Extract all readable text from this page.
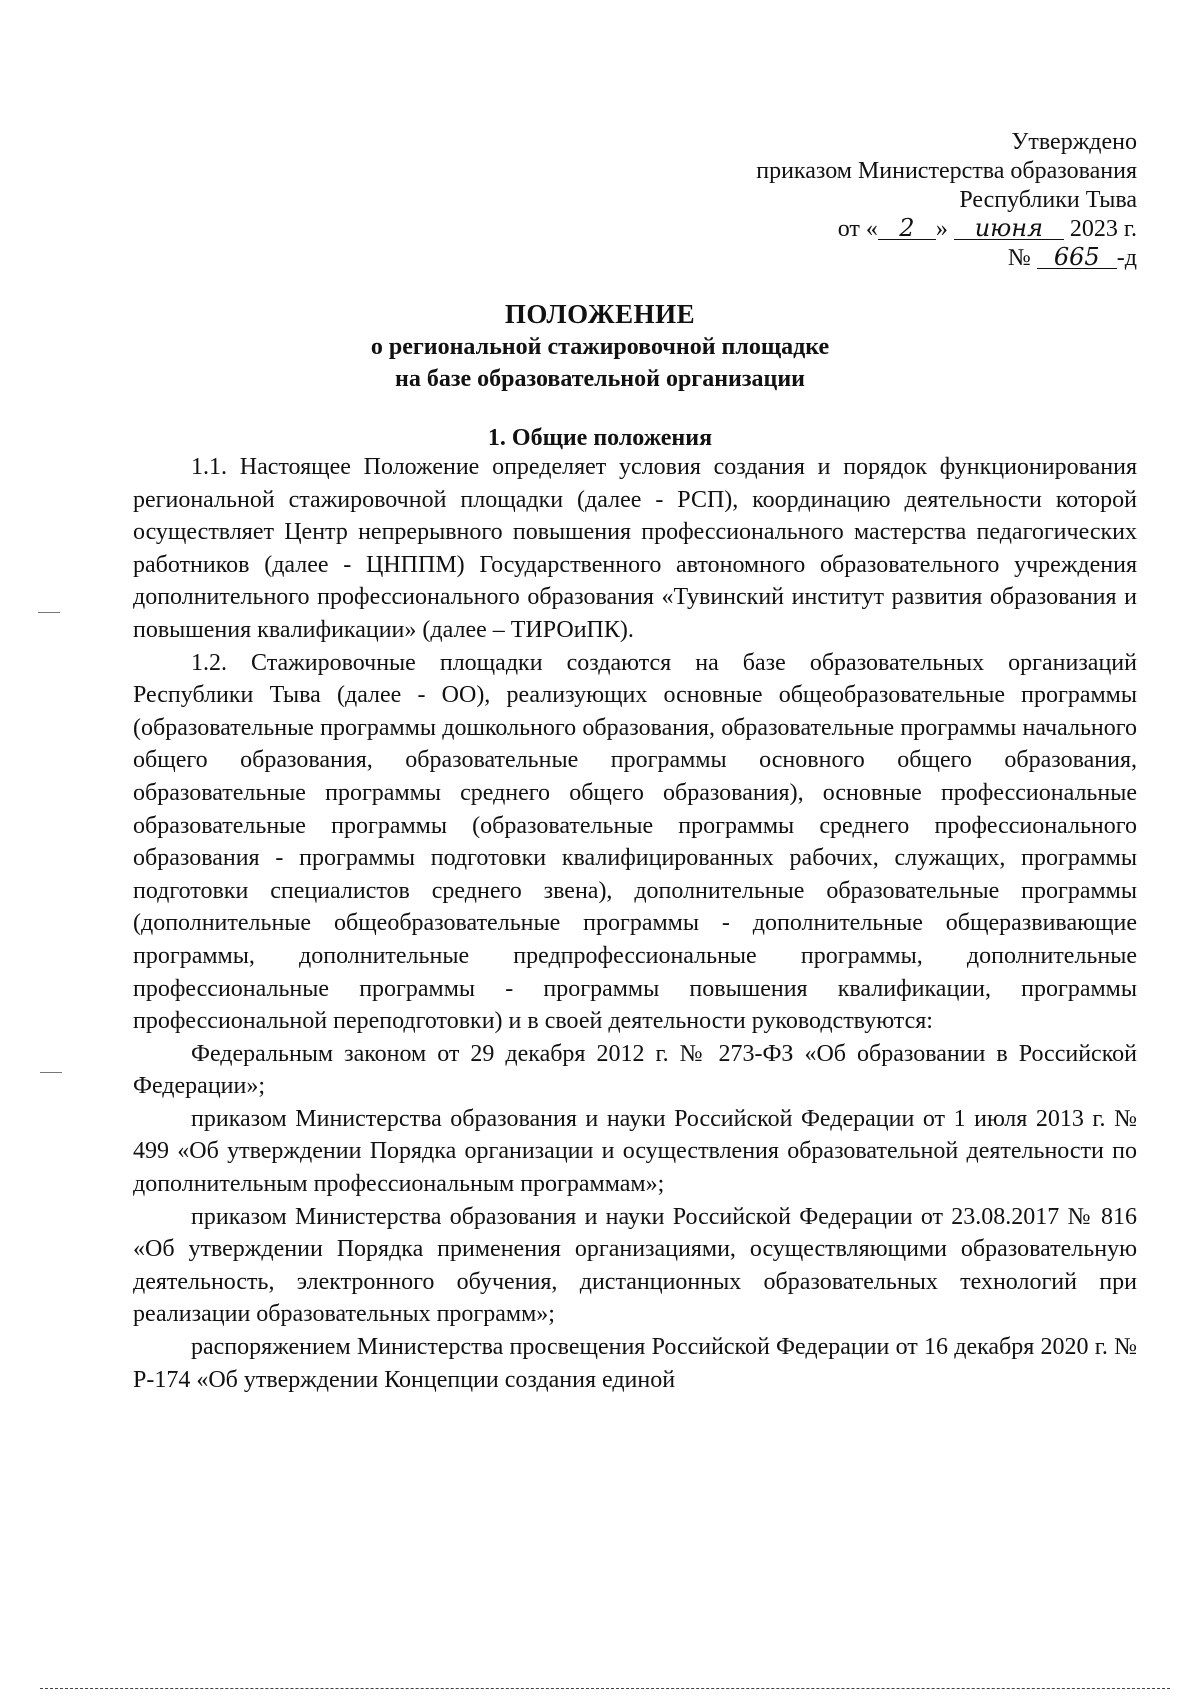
Утверждено
приказом Министерства образования
Республики Тыва
от « 2 » июня 2023 г.
№ 665 -д
ПОЛОЖЕНИЕ
о региональной стажировочной площадке
на базе образовательной организации
1. Общие положения

1.1. Настоящее Положение определяет условия создания и порядок функционирования региональной стажировочной площадки (далее - РСП), координацию деятельности которой осуществляет Центр непрерывного повышения профессионального мастерства педагогических работников (далее - ЦНППМ) Государственного автономного образовательного учреждения дополнительного профессионального образования «Тувинский институт развития образования и повышения квалификации» (далее – ТИРОиПК).

1.2. Стажировочные площадки создаются на базе образовательных организаций Республики Тыва (далее - ОО), реализующих основные общеобразовательные программы (образовательные программы дошкольного образования, образовательные программы начального общего образования, образовательные программы основного общего образования, образовательные программы среднего общего образования), основные профессиональные образовательные программы (образовательные программы среднего профессионального образования - программы подготовки квалифицированных рабочих, служащих, программы подготовки специалистов среднего звена), дополнительные образовательные программы (дополнительные общеобразовательные программы - дополнительные общеразвивающие программы, дополнительные предпрофессиональные программы, дополнительные профессиональные программы - программы повышения квалификации, программы профессиональной переподготовки) и в своей деятельности руководствуются:

Федеральным законом от 29 декабря 2012 г. № 273-ФЗ «Об образовании в Российской Федерации»;

приказом Министерства образования и науки Российской Федерации от 1 июля 2013 г. № 499 «Об утверждении Порядка организации и осуществления образовательной деятельности по дополнительным профессиональным программам»;

приказом Министерства образования и науки Российской Федерации от 23.08.2017 № 816 «Об утверждении Порядка применения организациями, осуществляющими образовательную деятельность, электронного обучения, дистанционных образовательных технологий при реализации образовательных программ»;

распоряжением Министерства просвещения Российской Федерации от 16 декабря 2020 г. № Р-174 «Об утверждении Концепции создания единой
